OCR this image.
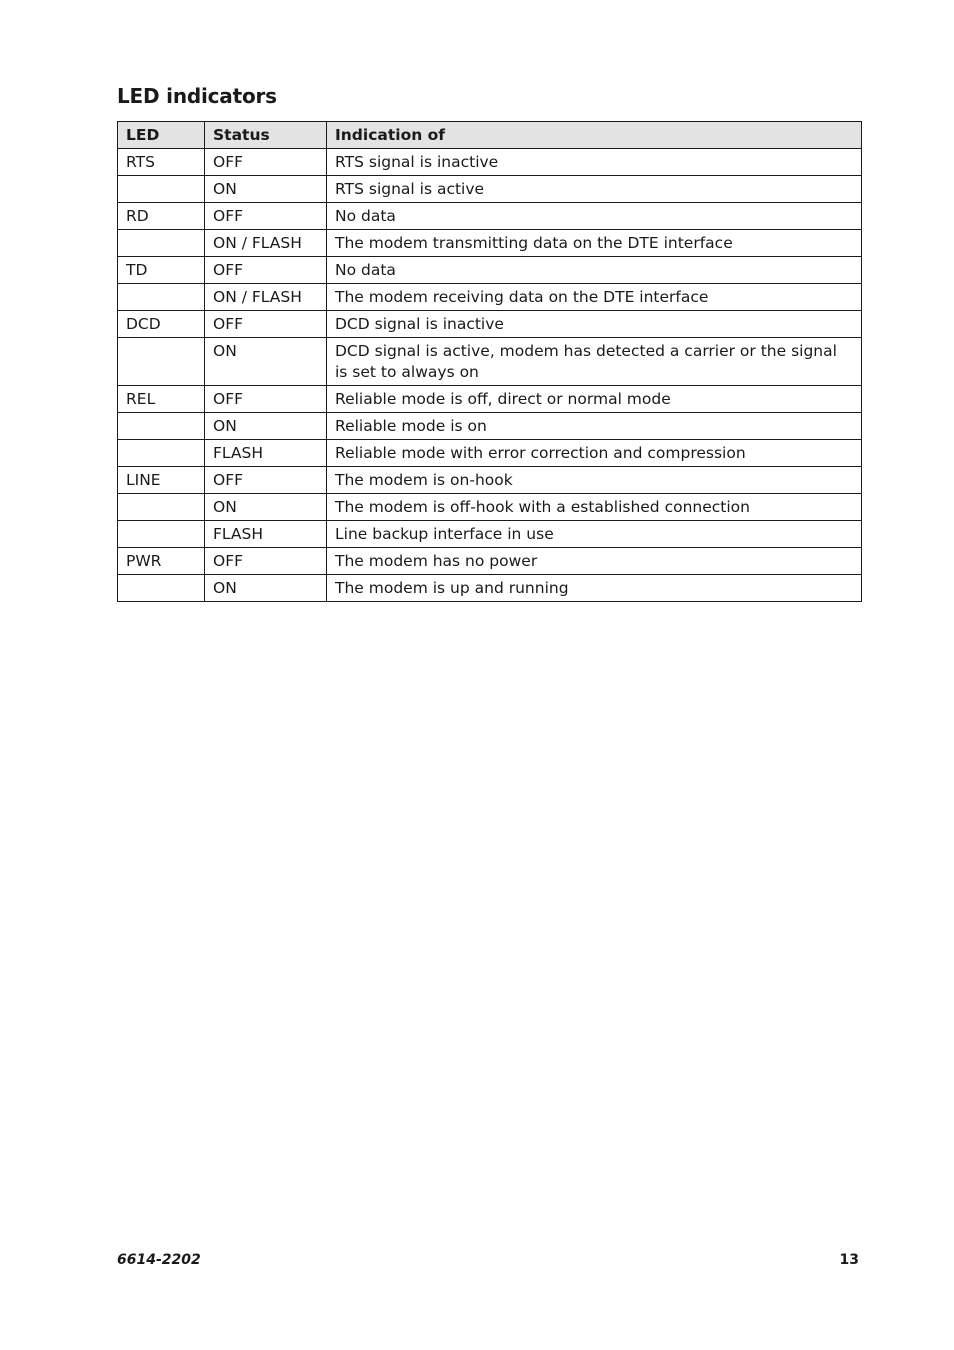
LED indicators
LED	Status	Indication of
RTS	OFF	RTS signal is inactive
	ON	RTS signal is active
RD	OFF	No data
	ON / FLASH	The modem transmitting data on the DTE interface
TD	OFF	No data
	ON / FLASH	The modem receiving data on the DTE interface
DCD	OFF	DCD signal is inactive
	ON	DCD signal is active, modem has detected a carrier or the signal is set to always on
REL	OFF	Reliable mode is off, direct or normal mode
	ON	Reliable mode is on
	FLASH	Reliable mode with error correction and compression
LINE	OFF	The modem is on-hook
	ON	The modem is off-hook with a established connection
	FLASH	Line backup interface in use
PWR	OFF	The modem has no power
	ON	The modem is up and running
6614-2202	13
